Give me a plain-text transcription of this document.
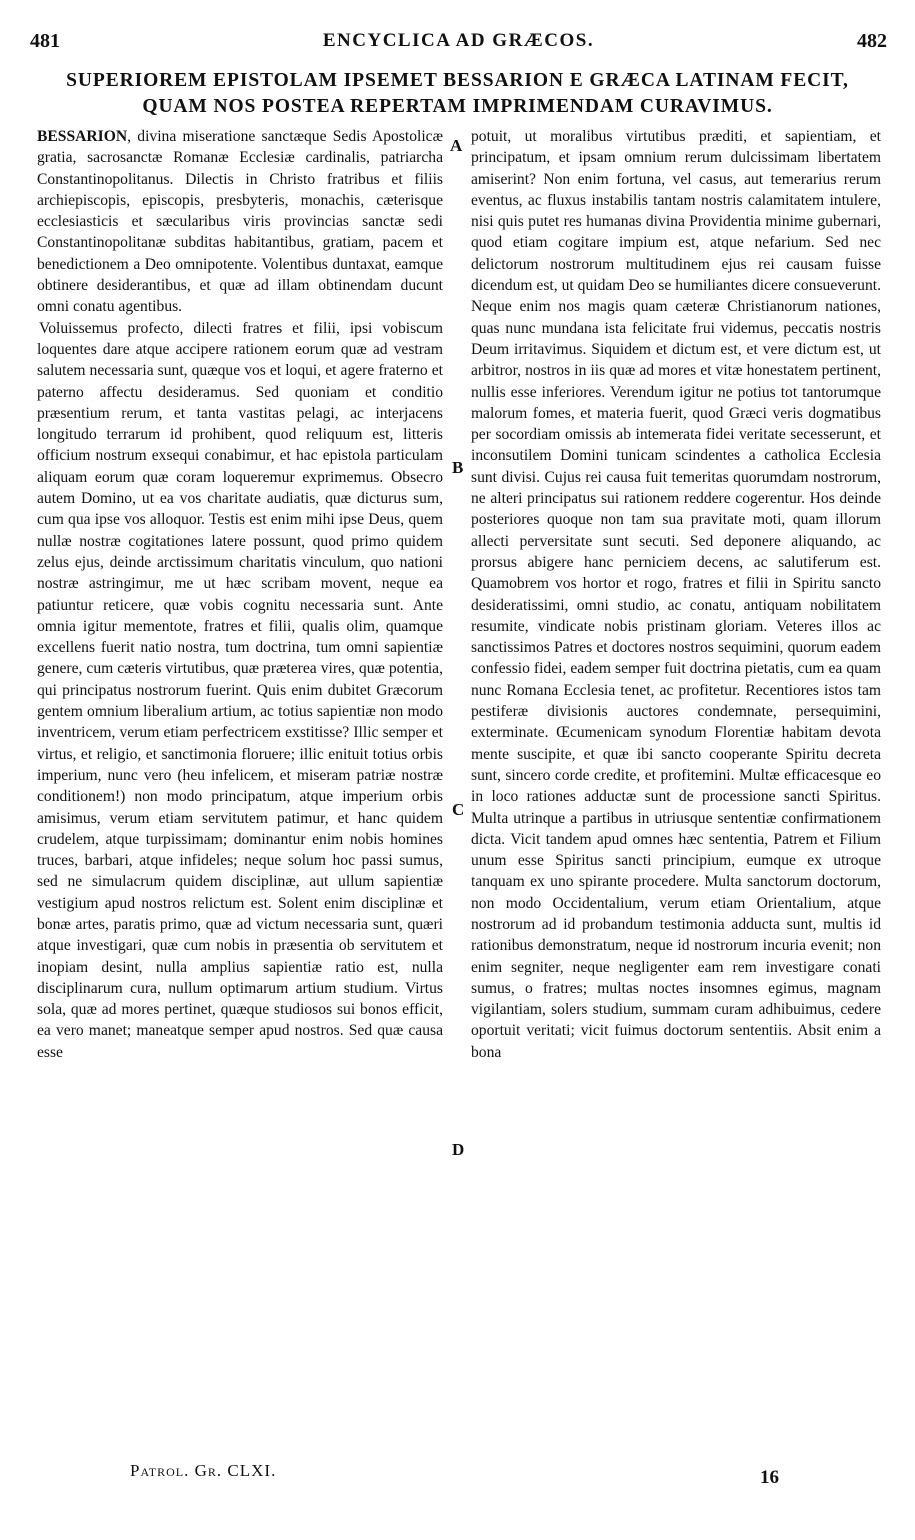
481	ENCYCLICA AD GRÆCOS.	482
SUPERIOREM EPISTOLAM IPSEMET BESSARION E GRÆCA LATINAM FECIT,
QUAM NOS POSTEA REPERTAM IMPRIMENDAM CURAVIMUS.

BESSARION, divina miseratione sanctæque Sedis Apostolicæ gratia, sacrosanctæ Romanæ Ecclesiæ cardinalis, patriarcha Constantinopolitanus. Dilectis in Christo fratribus et filiis archiepiscopis, episcopis, presbyteris, monachis, cæterisque ecclesiasticis et sæcularibus viris provincias sanctæ sedi Constantinopolitanæ subditas habitantibus, gratiam, pacem et benedictionem a Deo omnipotente. Volentibus duntaxat, eamque obtinere desiderantibus, et quæ ad illam obtinendam ducunt omni conatu agentibus.

Voluissemus profecto, dilecti fratres et filii, ipsi vobiscum loquentes dare atque accipere rationem eorum quæ ad vestram salutem necessaria sunt, quæque vos et loqui, et agere fraterno et paterno affectu desideramus. Sed quoniam et conditio præsentium rerum, et tanta vastitas pelagi, ac interjacens longitudo terrarum id prohibent, quod reliquum est, litteris officium nostrum exsequi conabimur, et hac epistola particulam aliquam eorum quæ coram loqueremur exprimemus. Obsecro autem Domino, ut ea vos charitate audiatis, quæ dicturus sum, cum qua ipse vos alloquor. Testis est enim mihi ipse Deus, quem nullæ nostræ cogitationes latere possunt, quod primo quidem zelus ejus, deinde arctissimum charitatis vinculum, quo nationi nostræ astringimur, me ut hæc scribam movent, neque ea patiuntur reticere, quæ vobis cognitu necessaria sunt. Ante omnia igitur mementote, fratres et filii, qualis olim, quamque excellens fuerit natio nostra, tum doctrina, tum omni sapientiæ genere, cum cæteris virtutibus, quæ præterea vires, quæ potentia, qui principatus nostrorum fuerint. Quis enim dubitet Græcorum gentem omnium liberalium artium, ac totius sapientiæ non modo inventricem, verum etiam perfectricem exstitisse? Illic semper et virtus, et religio, et sanctimonia floruere; illic enituit totius orbis imperium, nunc vero (heu infelicem, et miseram patriæ nostræ conditionem!) non modo principatum, atque imperium orbis amisimus, verum etiam servitutem patimur, et hanc quidem crudelem, atque turpissimam; dominantur enim nobis homines truces, barbari, atque infideles; neque solum hoc passi sumus, sed ne simulacrum quidem disciplinæ, aut ullum sapientiæ vestigium apud nostros relictum est. Solent enim disciplinæ et bonæ artes, paratis primo, quæ ad victum necessaria sunt, quæri atque investigari, quæ cum nobis in præsentia ob servitutem et inopiam desint, nulla amplius sapientiæ ratio est, nulla disciplinarum cura, nullum optimarum artium studium. Virtus sola, quæ ad mores pertinet, quæque studiosos sui bonos efficit, ea vero manet; maneatque semper apud nostros. Sed quæ causa esse

potuit, ut moralibus virtutibus præditi, et sapientiam, et principatum, et ipsam omnium rerum dulcissimam libertatem amiserint? Non enim fortuna, vel casus, aut temerarius rerum eventus, ac fluxus instabilis tantam nostris calamitatem intulere, nisi quis putet res humanas divina Providentia minime gubernari, quod etiam cogitare impium est, atque nefarium. Sed nec delictorum nostrorum multitudinem ejus rei causam fuisse dicendum est, ut quidam Deo se humiliantes dicere consueverunt. Neque enim nos magis quam cæteræ Christianorum nationes, quas nunc mundana ista felicitate frui videmus, peccatis nostris Deum irritavimus. Siquidem et dictum est, et vere dictum est, ut arbitror, nostros in iis quæ ad mores et vitæ honestatem pertinent, nullis esse inferiores. Verendum igitur ne potius tot tantorumque malorum fomes, et materia fuerit, quod Græci veris dogmatibus per socordiam omissis ab intemerata fidei veritate secesserunt, et inconsutilem Domini tunicam scindentes a catholica Ecclesia sunt divisi. Cujus rei causa fuit temeritas quorumdam nostrorum, ne alteri principatus sui rationem reddere cogerentur. Hos deinde posteriores quoque non tam sua pravitate moti, quam illorum allecti perversitate sunt secuti. Sed deponere aliquando, ac prorsus abigere hanc perniciem decens, ac salutiferum est. Quamobrem vos hortor et rogo, fratres et filii in Spiritu sancto desideratissimi, omni studio, ac conatu, antiquam nobilitatem resumite, vindicate nobis pristinam gloriam. Veteres illos ac sanctissimos Patres et doctores nostros sequimini, quorum eadem confessio fidei, eadem semper fuit doctrina pietatis, cum ea quam nunc Romana Ecclesia tenet, ac profitetur. Recentiores istos tam pestiferæ divisionis auctores condemnate, persequimini, exterminate. Œcumenicam synodum Florentiæ habitam devota mente suscipite, et quæ ibi sancto cooperante Spiritu decreta sunt, sincero corde credite, et profitemini. Multæ efficacesque eo in loco rationes adductæ sunt de processione sancti Spiritus. Multa utrinque a partibus in utriusque sententiæ confirmationem dicta. Vicit tandem apud omnes hæc sententia, Patrem et Filium unum esse Spiritus sancti principium, eumque ex utroque tanquam ex uno spirante procedere. Multa sanctorum doctorum, non modo Occidentalium, verum etiam Orientalium, atque nostrorum ad id probandum testimonia adducta sunt, multis id rationibus demonstratum, neque id nostrorum incuria evenit; non enim segniter, neque negligenter eam rem investigare conati sumus, o fratres; multas noctes insomnes egimus, magnam vigilantiam, solers studium, summam curam adhibuimus, cedere oportuit veritati; vicit fuimus doctorum sententiis. Absit enim a bona

A
B
C
D
Patrol. Gr. CLXI.	16
